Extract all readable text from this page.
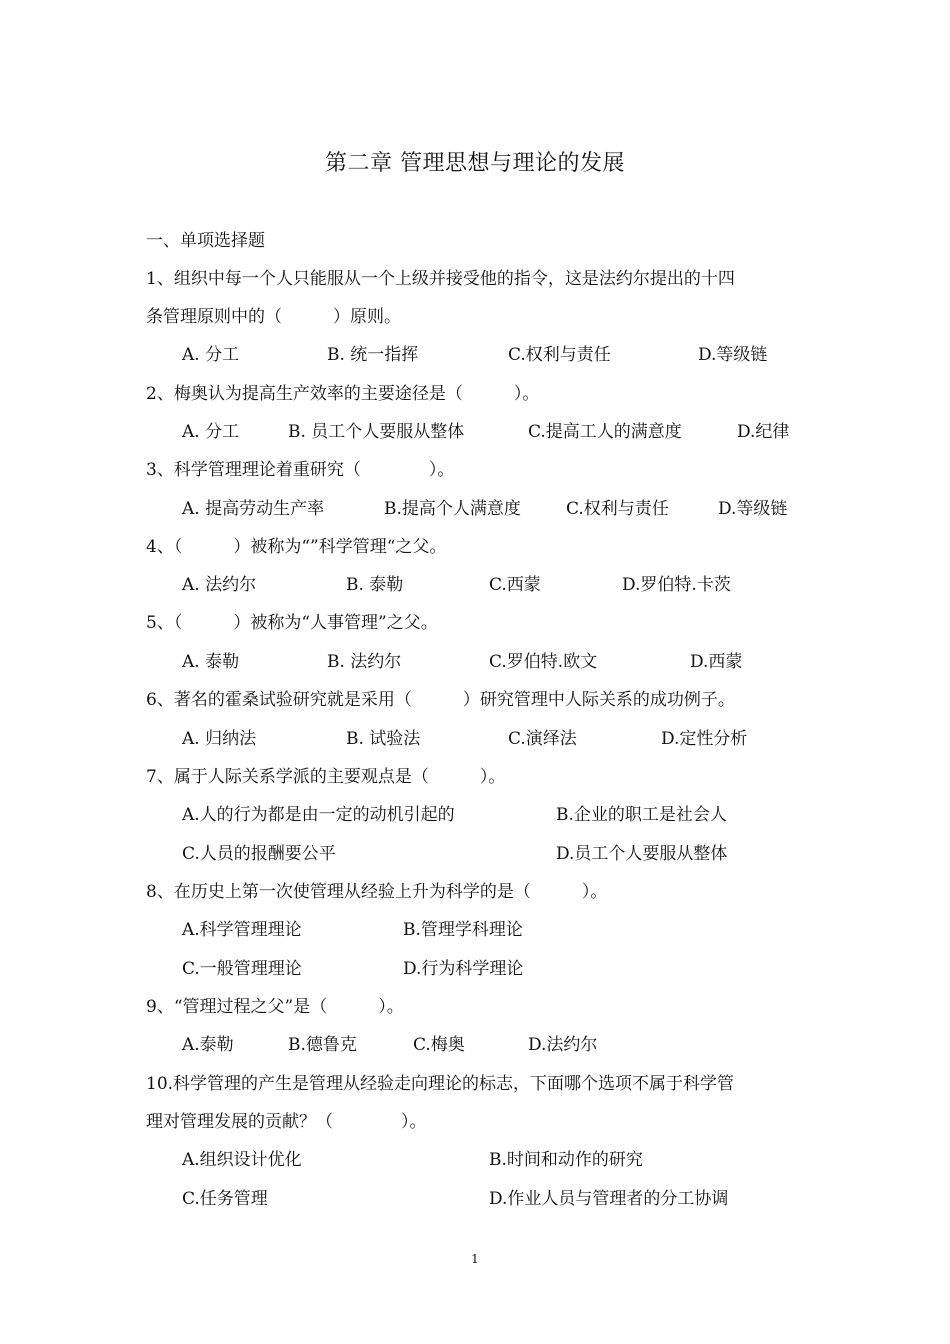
第二章 管理思想与理论的发展
一、单项选择题
1、组织中每一个人只能服从一个上级并接受他的指令，这是法约尔提出的十四
条管理原则中的（　　　）原则。
A. 分工	B. 统一指挥	C.权利与责任	D.等级链
2、梅奥认为提高生产效率的主要途径是（　　　）。
A. 分工	B. 员工个人要服从整体	C.提高工人的满意度	D.纪律
3、科学管理理论着重研究（　　　　）。
A. 提高劳动生产率	B.提高个人满意度	C.权利与责任	D.等级链
4、（　　　）被称为“”科学管理“之父。
A. 法约尔	B. 泰勒	C.西蒙	D.罗伯特.卡茨
5、（　　　）被称为“人事管理”之父。
A. 泰勒	B. 法约尔	C.罗伯特.欧文	D.西蒙
6、著名的霍桑试验研究就是采用（　　　）研究管理中人际关系的成功例子。
A. 归纳法	B. 试验法	C.演绎法	D.定性分析
7、属于人际关系学派的主要观点是（　　　）。
A.人的行为都是由一定的动机引起的	B.企业的职工是社会人
C.人员的报酬要公平	D.员工个人要服从整体
8、在历史上第一次使管理从经验上升为科学的是（　　　）。
A.科学管理理论	B.管理学科理论
C.一般管理理论	D.行为科学理论
9、“管理过程之父”是（　　　）。
A.泰勒	B.德鲁克	C.梅奥	D.法约尔
10.科学管理的产生是管理从经验走向理论的标志，下面哪个选项不属于科学管
理对管理发展的贡献？（　　　　）。
A.组织设计优化	B.时间和动作的研究
C.任务管理	D.作业人员与管理者的分工协调
1
